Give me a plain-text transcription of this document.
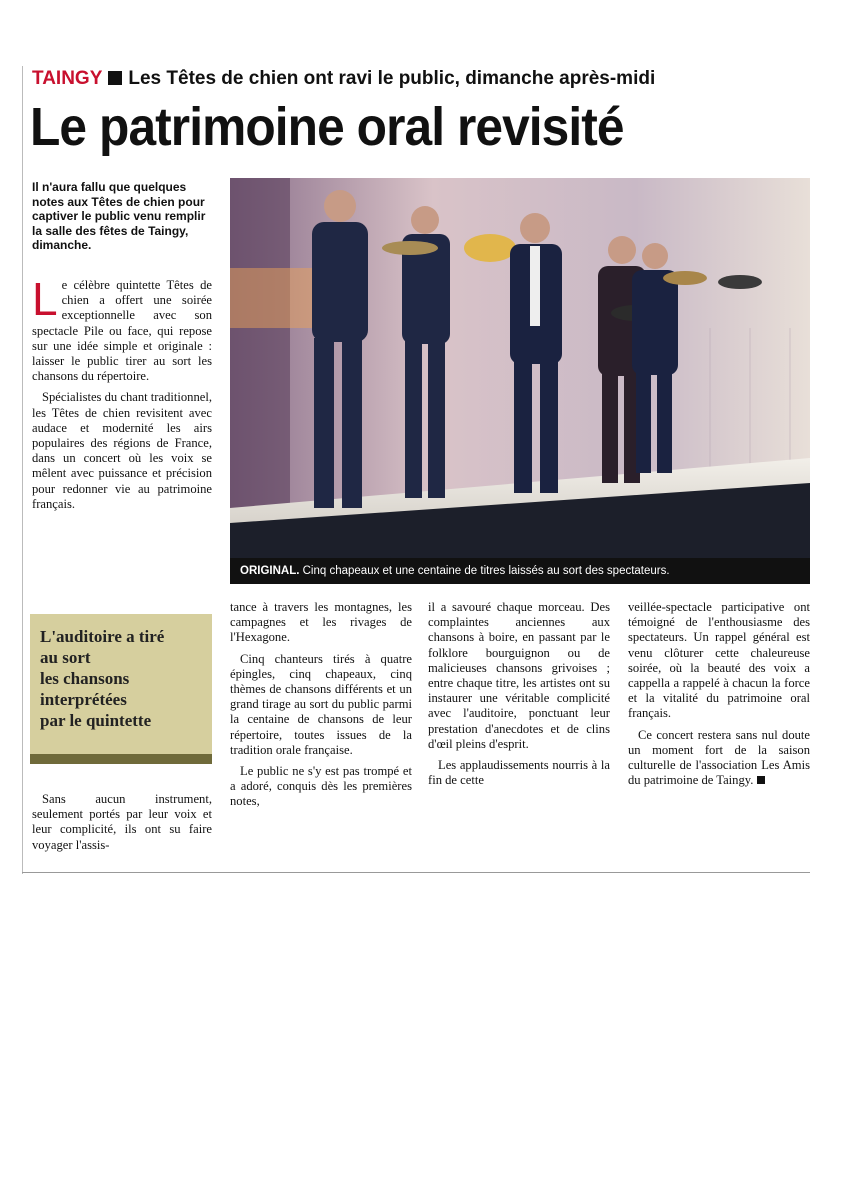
TAINGY Les Têtes de chien ont ravi le public, dimanche après-midi
Le patrimoine oral revisité
Il n'aura fallu que quelques notes aux Têtes de chien pour captiver le public venu remplir la salle des fêtes de Taingy, dimanche.

Le célèbre quintette Têtes de chien a offert une soirée exceptionnelle avec son spectacle Pile ou face, qui repose sur une idée simple et originale : laisser le public tirer au sort les chansons du répertoire.

Spécialistes du chant traditionnel, les Têtes de chien revisitent avec audace et modernité les airs populaires des régions de France, dans un concert où les voix se mêlent avec puissance et précision pour redonner vie au patrimoine français.

L'auditoire a tiré
au sort
les chansons
interprétées
par le quintette

Sans aucun instrument, seulement portés par leur voix et leur complicité, ils ont su faire voyager l'assis-

ORIGINAL. Cinq chapeaux et une centaine de titres laissés au sort des spectateurs.

tance à travers les montagnes, les campagnes et les rivages de l'Hexagone.

Cinq chanteurs tirés à quatre épingles, cinq chapeaux, cinq thèmes de chansons différents et un grand tirage au sort du public parmi la centaine de chansons de leur répertoire, toutes issues de la tradition orale française.

Le public ne s'y est pas trompé et a adoré, conquis dès les premières notes,

il a savouré chaque morceau. Des complaintes anciennes aux chansons à boire, en passant par le folklore bourguignon ou de malicieuses chansons grivoises ; entre chaque titre, les artistes ont su instaurer une véritable complicité avec l'auditoire, ponctuant leur prestation d'anecdotes et de clins d'œil pleins d'esprit.

Les applaudissements nourris à la fin de cette

veillée-spectacle participative ont témoigné de l'enthousiasme des spectateurs. Un rappel général est venu clôturer cette chaleureuse soirée, où la beauté des voix a cappella a rappelé à chacun la force et la vitalité du patrimoine oral français.

Ce concert restera sans nul doute un moment fort de la saison culturelle de l'association Les Amis du patrimoine de Taingy.
